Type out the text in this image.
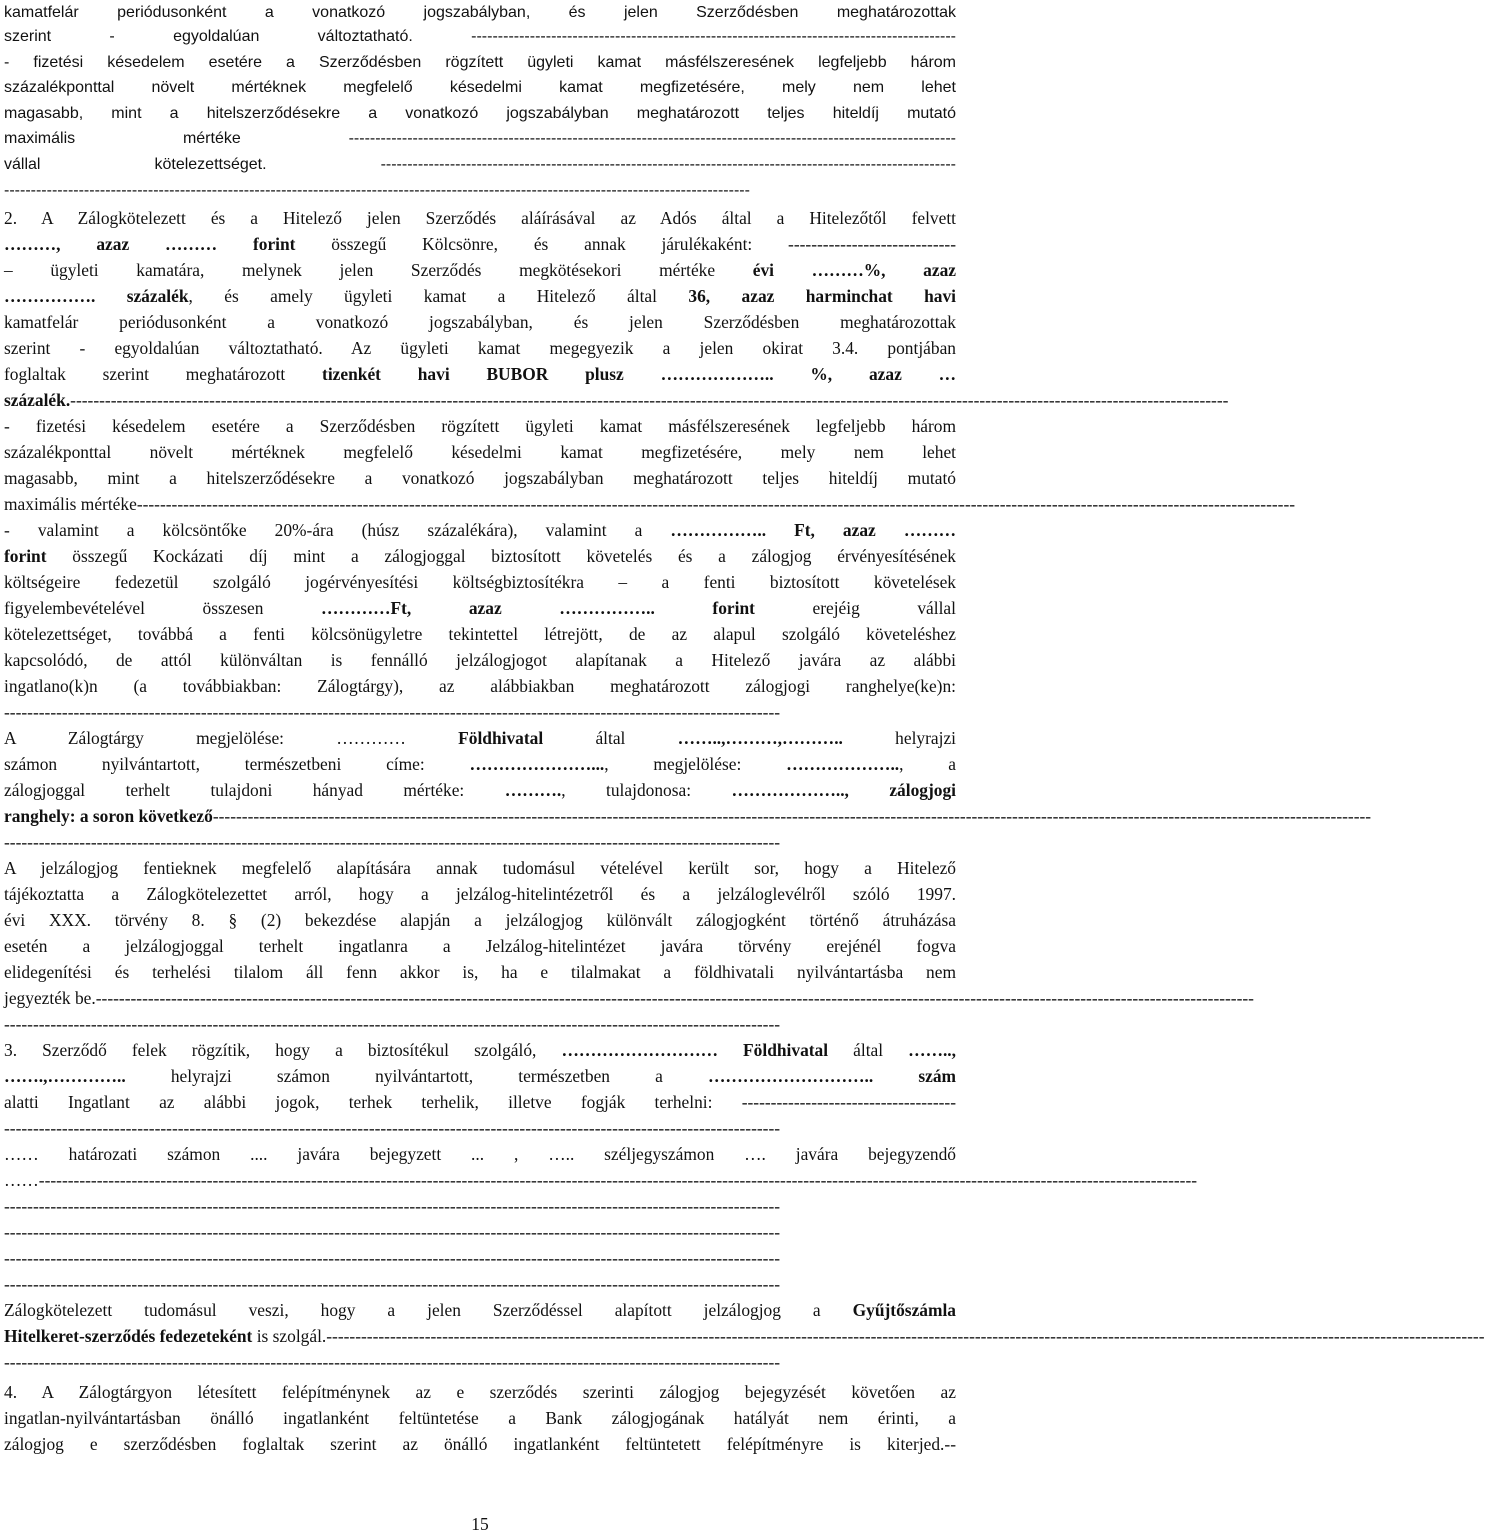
kamatfelár periódusonként a vonatkozó jogszabályban, és jelen Szerződésben meghatározottak
szerint - egyoldalúan változtatható. -------------------------------------------------------------------------------------------
- fizetési késedelem esetére a Szerződésben rögzített ügyleti kamat másfélszeresének legfeljebb három
százalékponttal növelt mértéknek megfelelő késedelmi kamat megfizetésére, mely nem lehet
magasabb, mint a hitelszerződésekre a vonatkozó jogszabályban meghatározott teljes hiteldíj mutató
maximális mértéke ------------------------------------------------------------------------------------------------------------------
vállal kötelezettséget. ------------------------------------------------------------------------------------------------------------
--------------------------------------------------------------------------------------------------------------------------------------------
2. A Zálogkötelezett és a Hitelező jelen Szerződés aláírásával az Adós által a Hitelezőtől felvett
………, azaz ……… forint összegű Kölcsönre, és annak járulékaként: -----------------------------
– ügyleti kamatára, melynek jelen Szerződés megkötésekori mértéke évi ………%, azaz
……………. százalék, és amely ügyleti kamat a Hitelező által 36, azaz harminchat havi
kamatfelár periódusonként a vonatkozó jogszabályban, és jelen Szerződésben meghatározottak
szerint - egyoldalúan változtatható. Az ügyleti kamat megegyezik a jelen okirat 3.4. pontjában
foglaltak szerint meghatározott tizenkét havi BUBOR plusz ……………….. %, azaz …
százalék. --------------------------------------------------------------------------------------------------------------------------------------------------------------------------------------------------------
- fizetési késedelem esetére a Szerződésben rögzített ügyleti kamat másfélszeresének legfeljebb három
százalékponttal növelt mértéknek megfelelő késedelmi kamat megfizetésére, mely nem lehet
magasabb, mint a hitelszerződésekre a vonatkozó jogszabályban meghatározott teljes hiteldíj mutató
maximális mértéke --------------------------------------------------------------------------------------------------------------------------------------------------------------------------------------------------------
- valamint a kölcsöntőke 20%-ára (húsz százalékára), valamint a …………….. Ft, azaz ………
forint összegű Kockázati díj mint a zálogjoggal biztosított követelés és a zálogjog érvényesítésének
költségeire fedezetül szolgáló jogérvényesítési költségbiztosítékra – a fenti biztosított követelések
figyelembevételével összesen …………Ft, azaz …………….. forint erejéig vállal
kötelezettséget, továbbá a fenti kölcsönügyletre tekintettel létrejött, de az alapul szolgáló követeléshez
kapcsolódó, de attól különváltan is fennálló jelzálogjogot alapítanak a Hitelező javára az alábbi
ingatlano(k)n (a továbbiakban: Zálogtárgy), az alábbiakban meghatározott zálogjogi ranghelye(ke)n:
--------------------------------------------------------------------------------------------------------------------------------------
A Zálogtárgy megjelölése: ………… Földhivatal által ……..,………,……….. helyrajzi
számon nyilvántartott, természetbeni címe: …………………..., megjelölése: ……………….., a
zálogjoggal terhelt tulajdoni hányad mértéke: ………., tulajdonosa: ……………….., zálogjogi
ranghely: a soron következő --------------------------------------------------------------------------------------------------------------------------------------------------------------------------------------------------------
--------------------------------------------------------------------------------------------------------------------------------------
A jelzálogjog fentieknek megfelelő alapítására annak tudomásul vételével került sor, hogy a Hitelező
tájékoztatta a Zálogkötelezettet arról, hogy a jelzálog-hitelintézetről és a jelzáloglevélről szóló 1997.
évi XXX. törvény 8. § (2) bekezdése alapján a jelzálogjog különvált zálogjogként történő átruházása
esetén a jelzálogjoggal terhelt ingatlanra a Jelzálog-hitelintézet javára törvény erejénél fogva
elidegenítési és terhelési tilalom áll fenn akkor is, ha e tilalmakat a földhivatali nyilvántartásba nem
jegyezték be. --------------------------------------------------------------------------------------------------------------------------------------------------------------------------------------------------------
--------------------------------------------------------------------------------------------------------------------------------------
3. Szerződő felek rögzítik, hogy a biztosítékul szolgáló, ……………………… Földhivatal által ……..,
…….,………….. helyrajzi számon nyilvántartott, természetben a ……………………….. szám
alatti Ingatlant az alábbi jogok, terhek terhelik, illetve fogják terhelni: -------------------------------------
--------------------------------------------------------------------------------------------------------------------------------------
…… határozati számon .... javára bejegyzett ... , ….. széljegyszámon …. javára bejegyzendő
…… --------------------------------------------------------------------------------------------------------------------------------------------------------------------------------------------------------
--------------------------------------------------------------------------------------------------------------------------------------
--------------------------------------------------------------------------------------------------------------------------------------
--------------------------------------------------------------------------------------------------------------------------------------
--------------------------------------------------------------------------------------------------------------------------------------
Zálogkötelezett tudomásul veszi, hogy a jelen Szerződéssel alapított jelzálogjog a Gyűjtőszámla
Hitelkeret-szerződés fedezeteként is szolgál. --------------------------------------------------------------------------------------------------------------------------------------------------------------------------------------------------------
--------------------------------------------------------------------------------------------------------------------------------------
4. A Zálogtárgyon létesített felépítménynek az e szerződés szerinti zálogjog bejegyzését követően az
ingatlan-nyilvántartásban önálló ingatlanként feltüntetése a Bank zálogjogának hatályát nem érinti, a
zálogjog e szerződésben foglaltak szerint az önálló ingatlanként feltüntetett felépítményre is kiterjed.--
15
